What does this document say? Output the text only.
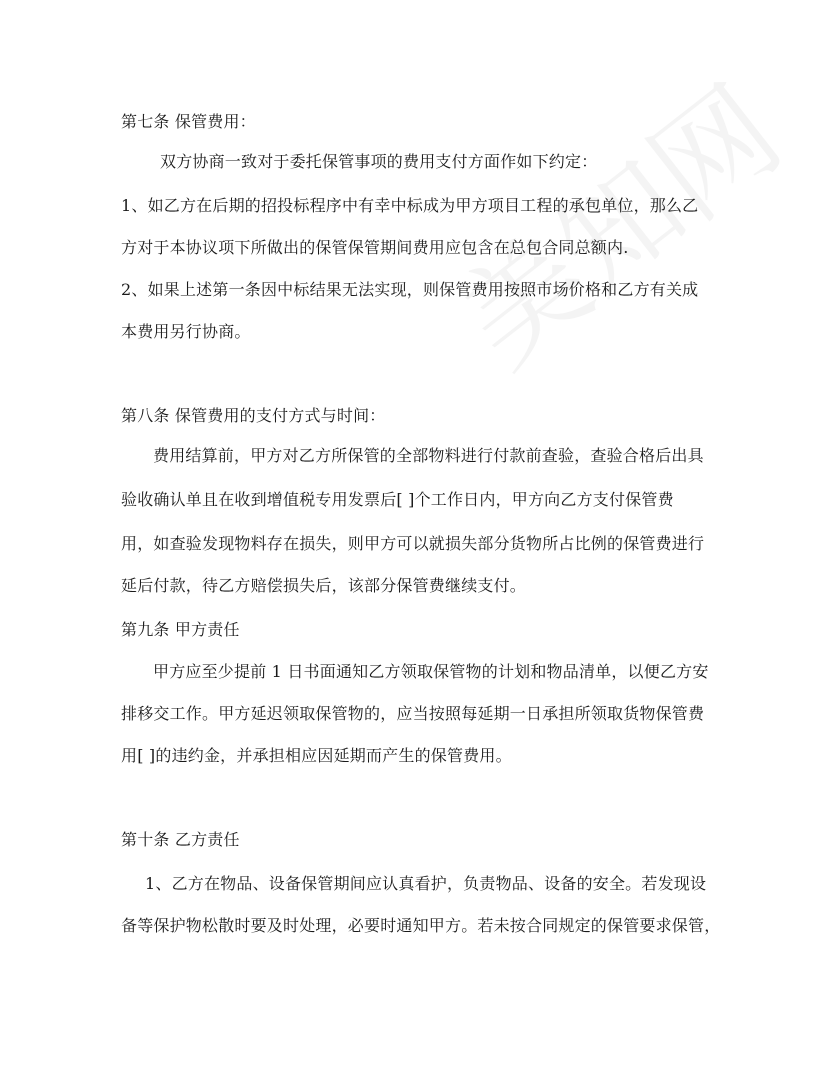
第七条 保管费用：
双方协商一致对于委托保管事项的费用支付方面作如下约定：
1、如乙方在后期的招投标程序中有幸中标成为甲方项目工程的承包单位，那么乙
方对于本协议项下所做出的保管保管期间费用应包含在总包合同总额内.
2、如果上述第一条因中标结果无法实现，则保管费用按照市场价格和乙方有关成
本费用另行协商。
第八条 保管费用的支付方式与时间：
费用结算前，甲方对乙方所保管的全部物料进行付款前查验，查验合格后出具
验收确认单且在收到增值税专用发票后[ ]个工作日内，甲方向乙方支付保管费
用，如查验发现物料存在损失，则甲方可以就损失部分货物所占比例的保管费进行
延后付款，待乙方赔偿损失后，该部分保管费继续支付。
第九条 甲方责任
甲方应至少提前 1 日书面通知乙方领取保管物的计划和物品清单，以便乙方安
排移交工作。甲方延迟领取保管物的，应当按照每延期一日承担所领取货物保管费
用[ ]的违约金，并承担相应因延期而产生的保管费用。
第十条 乙方责任
1、乙方在物品、设备保管期间应认真看护，负责物品、设备的安全。若发现设
备等保护物松散时要及时处理，必要时通知甲方。若未按合同规定的保管要求保管，
